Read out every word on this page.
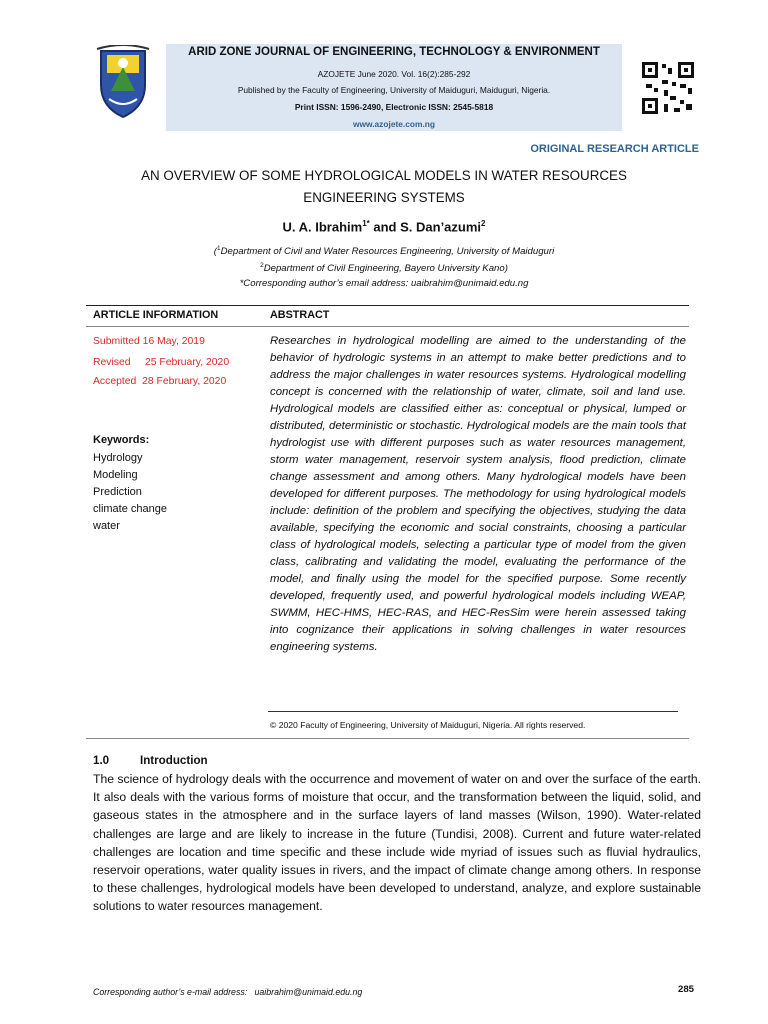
ARID ZONE JOURNAL OF ENGINEERING, TECHNOLOGY & ENVIRONMENT
AZOJETE June 2020. Vol. 16(2):285-292
Published by the Faculty of Engineering, University of Maiduguri, Maiduguri, Nigeria.
Print ISSN: 1596-2490, Electronic ISSN: 2545-5818
www.azojete.com.ng
ORIGINAL RESEARCH ARTICLE
AN OVERVIEW OF SOME HYDROLOGICAL MODELS IN WATER RESOURCES
ENGINEERING SYSTEMS
U. A. Ibrahim$^{1*}$ and S. Dan’azumi$^2$
($^1$Department of Civil and Water Resources Engineering, University of Maiduguri
$^2$Department of Civil Engineering, Bayero University Kano)
*Corresponding author’s email address: uaibrahim@unimaid.edu.ng
ARTICLE INFORMATION	ABSTRACT
Submitted 16 May, 2019
Revised     25 February, 2020
Accepted  28 February, 2020
Keywords:
Hydrology
Modeling
Prediction
climate change
water
Researches in hydrological modelling are aimed to the understanding of the behavior of hydrologic systems in an attempt to make better predictions and to address the major challenges in water resources systems. Hydrological modelling concept is concerned with the relationship of water, climate, soil and land use. Hydrological models are classified either as: conceptual or physical, lumped or distributed, deterministic or stochastic. Hydrological models are the main tools that hydrologist use with different purposes such as water resources management, storm water management, reservoir system analysis, flood prediction, climate change assessment and among others. Many hydrological models have been developed for different purposes. The methodology for using hydrological models include: definition of the problem and specifying the objectives, studying the data available, specifying the economic and social constraints, choosing a particular class of hydrological models, selecting a particular type of model from the given class, calibrating and validating the model, evaluating the performance of the model, and finally using the model for the specified purpose. Some recently developed, frequently used, and powerful hydrological models including WEAP, SWMM, HEC-HMS, HEC-RAS, and HEC-ResSim were herein assessed taking into cognizance their applications in solving challenges in water resources engineering systems.
© 2020 Faculty of Engineering, University of Maiduguri, Nigeria. All rights reserved.
1.0	Introduction
The science of hydrology deals with the occurrence and movement of water on and over the surface of the earth. It also deals with the various forms of moisture that occur, and the transformation between the liquid, solid, and gaseous states in the atmosphere and in the surface layers of land masses (Wilson, 1990). Water-related challenges are large and are likely to increase in the future (Tundisi, 2008). Current and future water-related challenges are location and time specific and these include wide myriad of issues such as fluvial hydraulics, reservoir operations, water quality issues in rivers, and the impact of climate change among others. In response to these challenges, hydrological models have been developed to understand, analyze, and explore sustainable solutions to water resources management.
Corresponding author’s e-mail address:   uaibrahim@unimaid.edu.ng	285
